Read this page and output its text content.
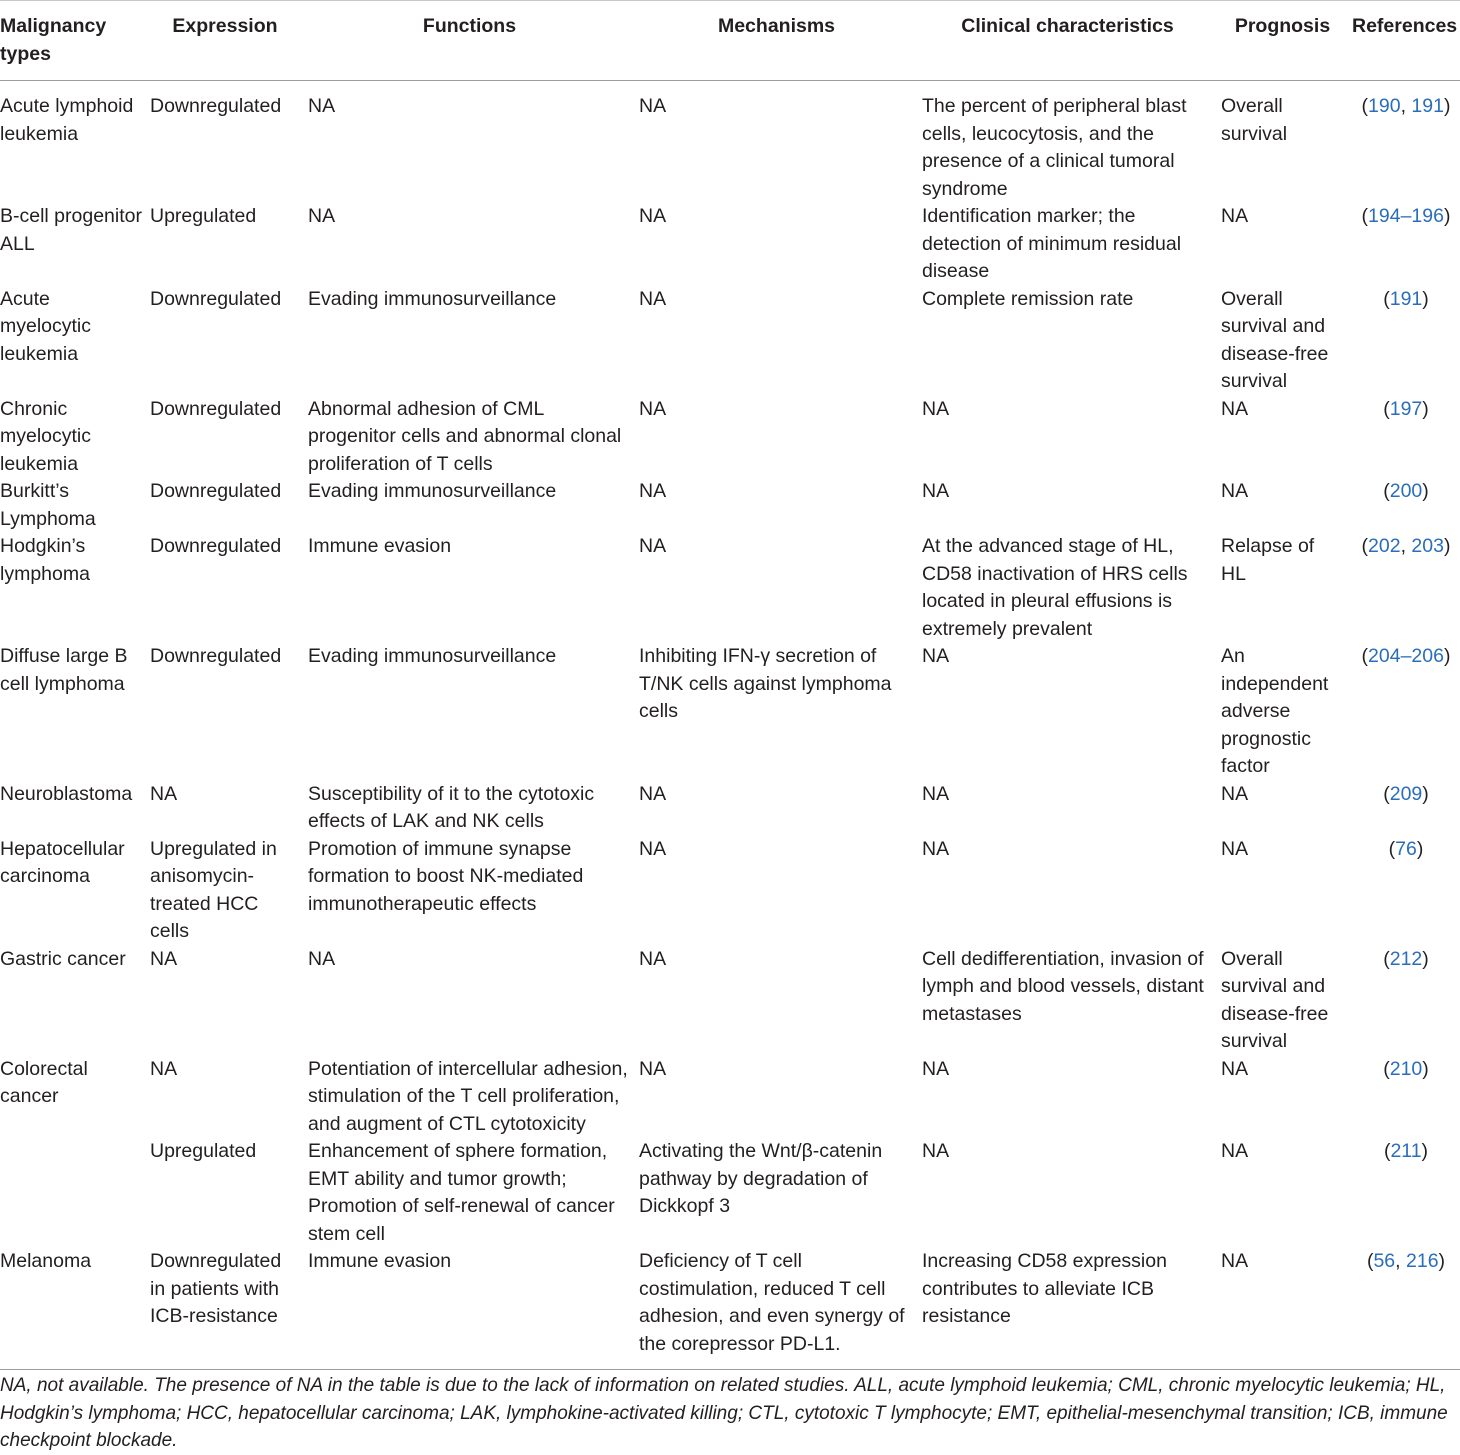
Malignancy types	Expression	Functions	Mechanisms	Clinical characteristics	Prognosis	References
Acute lymphoid leukemia	Downregulated	NA	NA	The percent of peripheral blast cells, leucocytosis, and the presence of a clinical tumoral syndrome	Overall survival	(190, 191)
B-cell progenitor ALL	Upregulated	NA	NA	Identification marker; the detection of minimum residual disease	NA	(194–196)
Acute myelocytic leukemia	Downregulated	Evading immunosurveillance	NA	Complete remission rate	Overall survival and disease-free survival	(191)
Chronic myelocytic leukemia	Downregulated	Abnormal adhesion of CML progenitor cells and abnormal clonal proliferation of T cells	NA	NA	NA	(197)
Burkitt’s Lymphoma	Downregulated	Evading immunosurveillance	NA	NA	NA	(200)
Hodgkin’s lymphoma	Downregulated	Immune evasion	NA	At the advanced stage of HL, CD58 inactivation of HRS cells located in pleural effusions is extremely prevalent	Relapse of HL	(202, 203)
Diffuse large B cell lymphoma	Downregulated	Evading immunosurveillance	Inhibiting IFN-γ secretion of T/NK cells against lymphoma cells	NA	An independent adverse prognostic factor	(204–206)
Neuroblastoma	NA	Susceptibility of it to the cytotoxic effects of LAK and NK cells	NA	NA	NA	(209)
Hepatocellular carcinoma	Upregulated in anisomycin-treated HCC cells	Promotion of immune synapse formation to boost NK-mediated immunotherapeutic effects	NA	NA	NA	(76)
Gastric cancer	NA	NA	NA	Cell dedifferentiation, invasion of lymph and blood vessels, distant metastases	Overall survival and disease-free survival	(212)
Colorectal cancer	NA	Potentiation of intercellular adhesion, stimulation of the T cell proliferation, and augment of CTL cytotoxicity	NA	NA	NA	(210)
	Upregulated	Enhancement of sphere formation, EMT ability and tumor growth; Promotion of self-renewal of cancer stem cell	Activating the Wnt/β-catenin pathway by degradation of Dickkopf 3	NA	NA	(211)
Melanoma	Downregulated in patients with ICB-resistance	Immune evasion	Deficiency of T cell costimulation, reduced T cell adhesion, and even synergy of the corepressor PD-L1.	Increasing CD58 expression contributes to alleviate ICB resistance	NA	(56, 216)
NA, not available. The presence of NA in the table is due to the lack of information on related studies. ALL, acute lymphoid leukemia; CML, chronic myelocytic leukemia; HL, Hodgkin’s lymphoma; HCC, hepatocellular carcinoma; LAK, lymphokine-activated killing; CTL, cytotoxic T lymphocyte; EMT, epithelial-mesenchymal transition; ICB, immune checkpoint blockade.
